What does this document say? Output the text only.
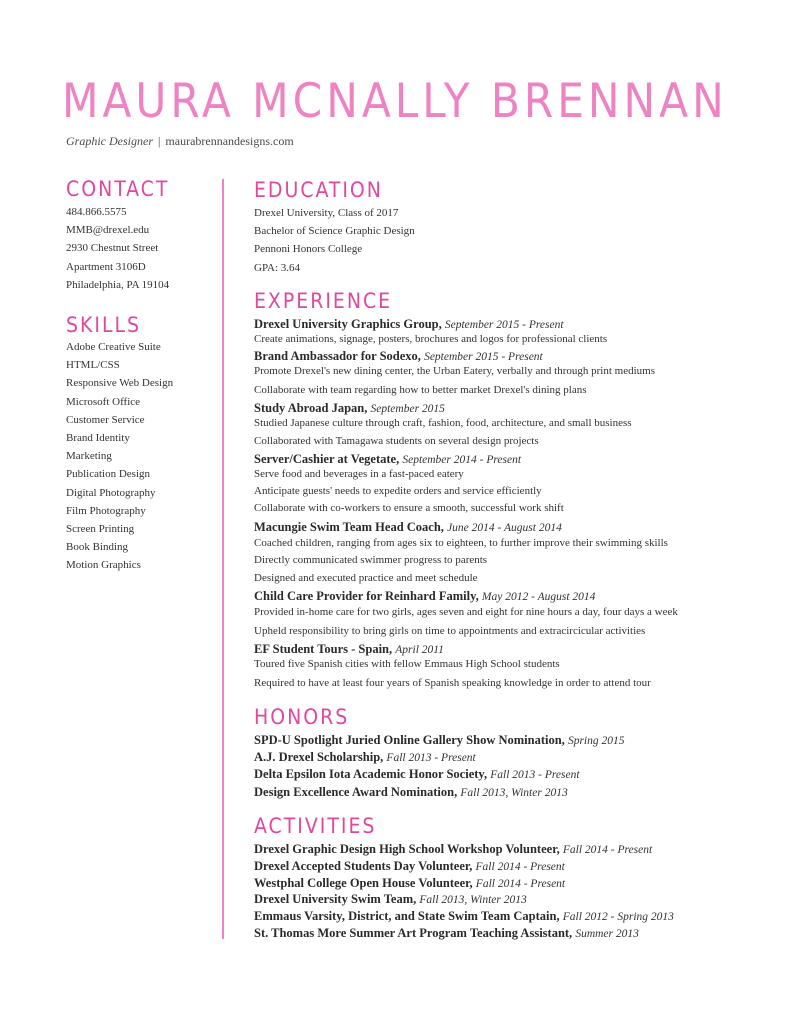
MAURA MCNALLY BRENNAN
Graphic Designer | maurabrennandesigns.com
CONTACT
484.866.5575
MMB@drexel.edu
2930 Chestnut Street
Apartment 3106D
Philadelphia, PA 19104
SKILLS
Adobe Creative Suite
HTML/CSS
Responsive Web Design
Microsoft Office
Customer Service
Brand Identity
Marketing
Publication Design
Digital Photography
Film Photography
Screen Printing
Book Binding
Motion Graphics
EDUCATION
Drexel University, Class of 2017
Bachelor of Science Graphic Design
Pennoni Honors College
GPA: 3.64
EXPERIENCE
Drexel University Graphics Group, September 2015 - Present
Create animations, signage, posters, brochures and logos for professional clients
Brand Ambassador for Sodexo, September 2015 - Present
Promote Drexel's new dining center, the Urban Eatery, verbally and through print mediums
Collaborate with team regarding how to better market Drexel's dining plans
Study Abroad Japan, September 2015
Studied Japanese culture through craft, fashion, food, architecture, and small business
Collaborated with Tamagawa students on several design projects
Server/Cashier at Vegetate, September 2014 - Present
Serve food and beverages in a fast-paced eatery
Anticipate guests' needs to expedite orders and service efficiently
Collaborate with co-workers to ensure a smooth, successful work shift
Macungie Swim Team Head Coach, June 2014 - August 2014
Coached children, ranging from ages six to eighteen, to further improve their swimming skills
Directly communicated swimmer progress to parents
Designed and executed practice and meet schedule
Child Care Provider for Reinhard Family, May 2012 - August 2014
Provided in-home care for two girls, ages seven and eight for nine hours a day, four days a week
Upheld responsibility to bring girls on time to appointments and extracircicular activities
EF Student Tours - Spain, April 2011
Toured five Spanish cities with fellow Emmaus High School students
Required to have at least four years of Spanish speaking knowledge in order to attend tour
HONORS
SPD-U Spotlight Juried Online Gallery Show Nomination, Spring 2015
A.J. Drexel Scholarship, Fall 2013 - Present
Delta Epsilon Iota Academic Honor Society, Fall 2013 - Present
Design Excellence Award Nomination, Fall 2013, Winter 2013
ACTIVITIES
Drexel Graphic Design High School Workshop Volunteer, Fall 2014 - Present
Drexel Accepted Students Day Volunteer, Fall 2014 - Present
Westphal College Open House Volunteer, Fall 2014 - Present
Drexel University Swim Team, Fall 2013, Winter 2013
Emmaus Varsity, District, and State Swim Team Captain, Fall 2012 - Spring 2013
St. Thomas More Summer Art Program Teaching Assistant, Summer 2013
